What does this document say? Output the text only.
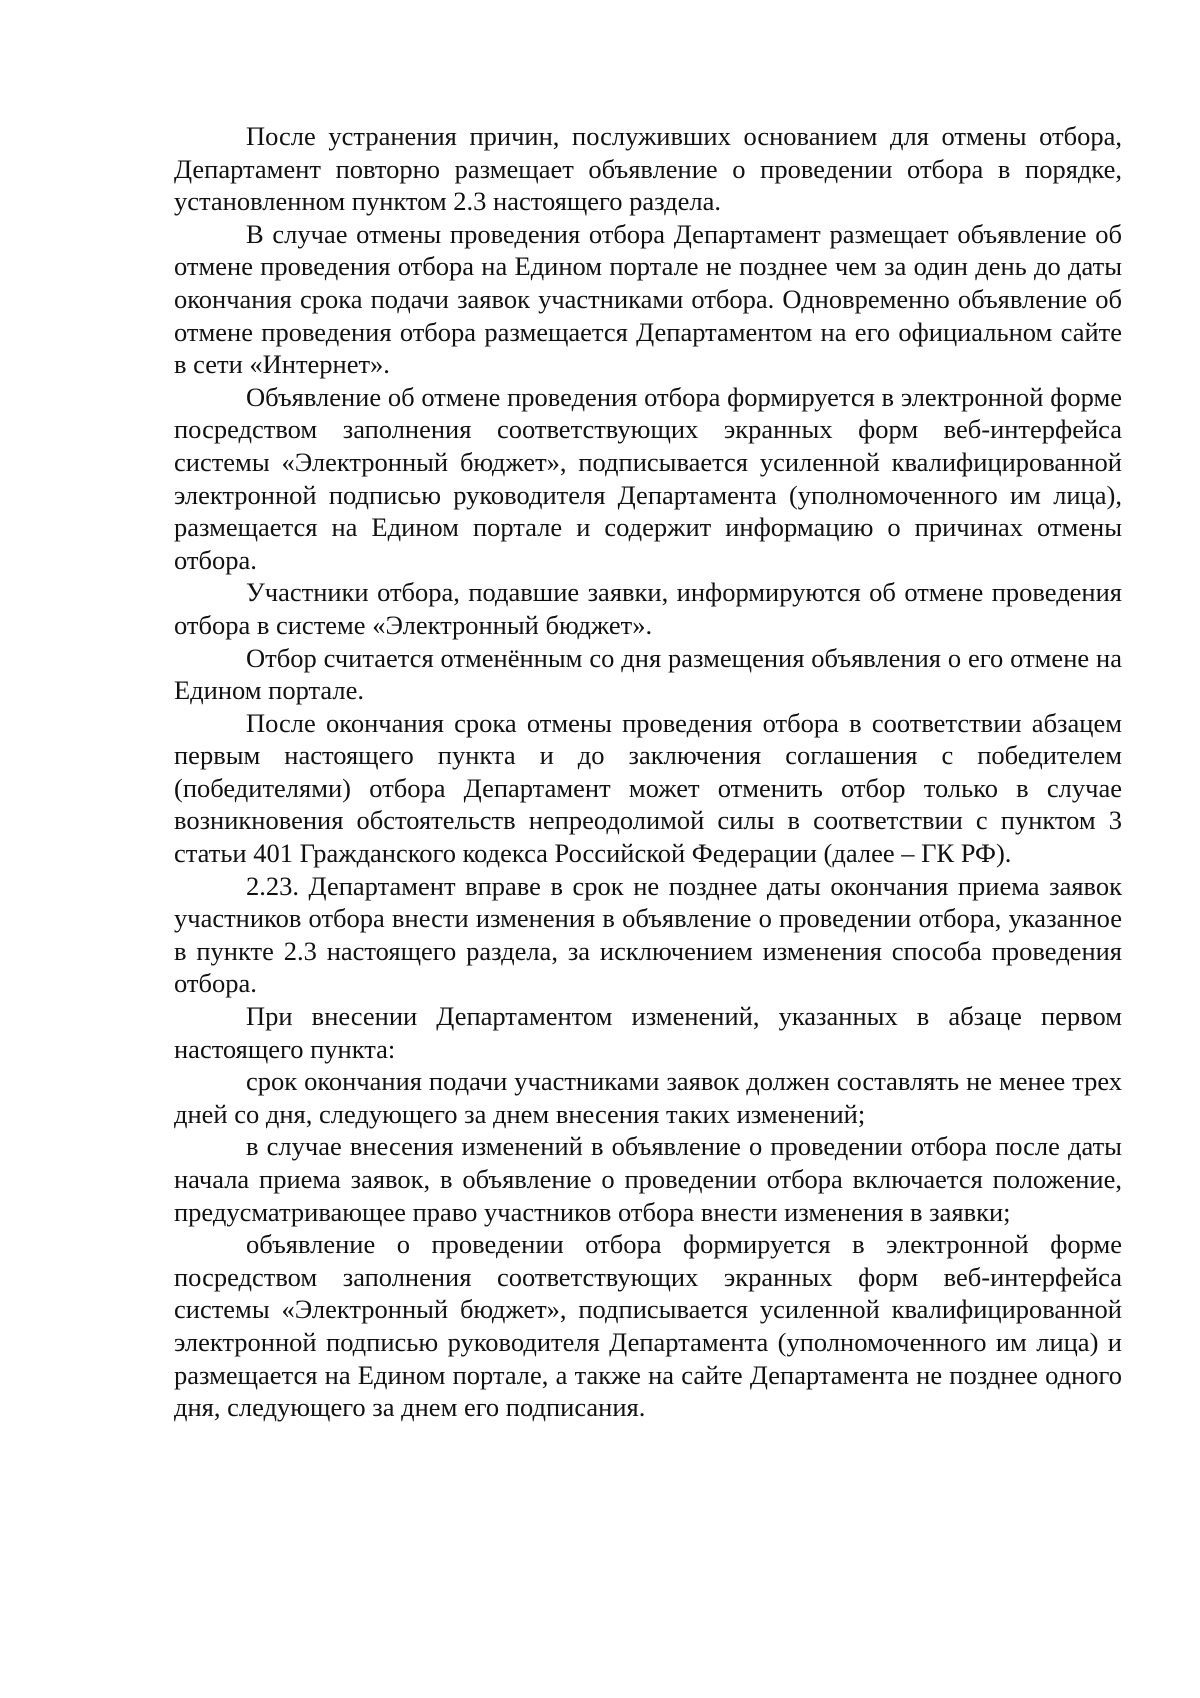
После устранения причин, послуживших основанием для отмены отбора, Департамент повторно размещает объявление о проведении отбора в порядке, установленном пунктом 2.3 настоящего раздела.

В случае отмены проведения отбора Департамент размещает объявление об отмене проведения отбора на Едином портале не позднее чем за один день до даты окончания срока подачи заявок участниками отбора. Одновременно объявление об отмене проведения отбора размещается Департаментом на его официальном сайте в сети «Интернет».

Объявление об отмене проведения отбора формируется в электронной форме посредством заполнения соответствующих экранных форм веб-интерфейса системы «Электронный бюджет», подписывается усиленной квалифицированной электронной подписью руководителя Департамента (уполномоченного им лица), размещается на Едином портале и содержит информацию о причинах отмены отбора.

Участники отбора, подавшие заявки, информируются об отмене проведения отбора в системе «Электронный бюджет».

Отбор считается отменённым со дня размещения объявления о его отмене на Едином портале.

После окончания срока отмены проведения отбора в соответствии абзацем первым настоящего пункта и до заключения соглашения с победителем (победителями) отбора Департамент может отменить отбор только в случае возникновения обстоятельств непреодолимой силы в соответствии с пунктом 3 статьи 401 Гражданского кодекса Российской Федерации (далее – ГК РФ).

2.23. Департамент вправе в срок не позднее даты окончания приема заявок участников отбора внести изменения в объявление о проведении отбора, указанное в пункте 2.3 настоящего раздела, за исключением изменения способа проведения отбора.

При внесении Департаментом изменений, указанных в абзаце первом настоящего пункта:

срок окончания подачи участниками заявок должен составлять не менее трех дней со дня, следующего за днем внесения таких изменений;

в случае внесения изменений в объявление о проведении отбора после даты начала приема заявок, в объявление о проведении отбора включается положение, предусматривающее право участников отбора внести изменения в заявки;

объявление о проведении отбора формируется в электронной форме посредством заполнения соответствующих экранных форм веб-интерфейса системы «Электронный бюджет», подписывается усиленной квалифицированной электронной подписью руководителя Департамента (уполномоченного им лица) и размещается на Едином портале, а также на сайте Департамента не позднее одного дня, следующего за днем его подписания.
